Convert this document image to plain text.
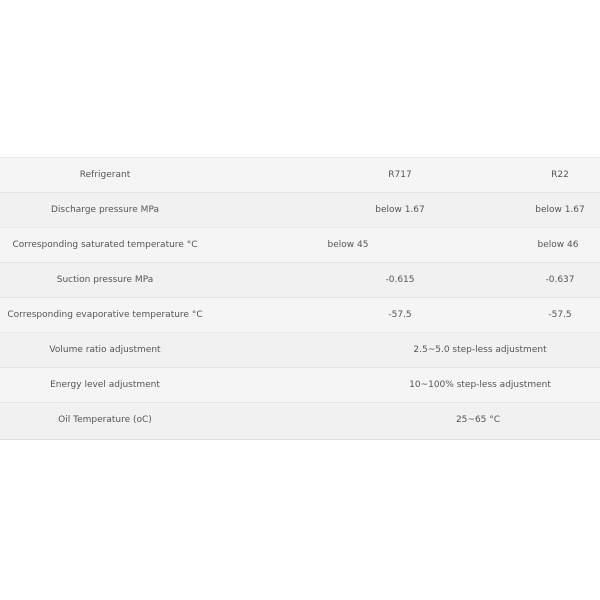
Refrigerant	R717	R22
Discharge pressure MPa	below 1.67	below 1.67
Corresponding saturated temperature °C	below 45	below 46
Suction pressure MPa	-0.615	-0.637
Corresponding evaporative temperature °C	-57.5	-57.5
Volume ratio adjustment	2.5~5.0 step-less adjustment
Energy level adjustment	10~100% step-less adjustment
Oil Temperature (oC)	25~65 °C
